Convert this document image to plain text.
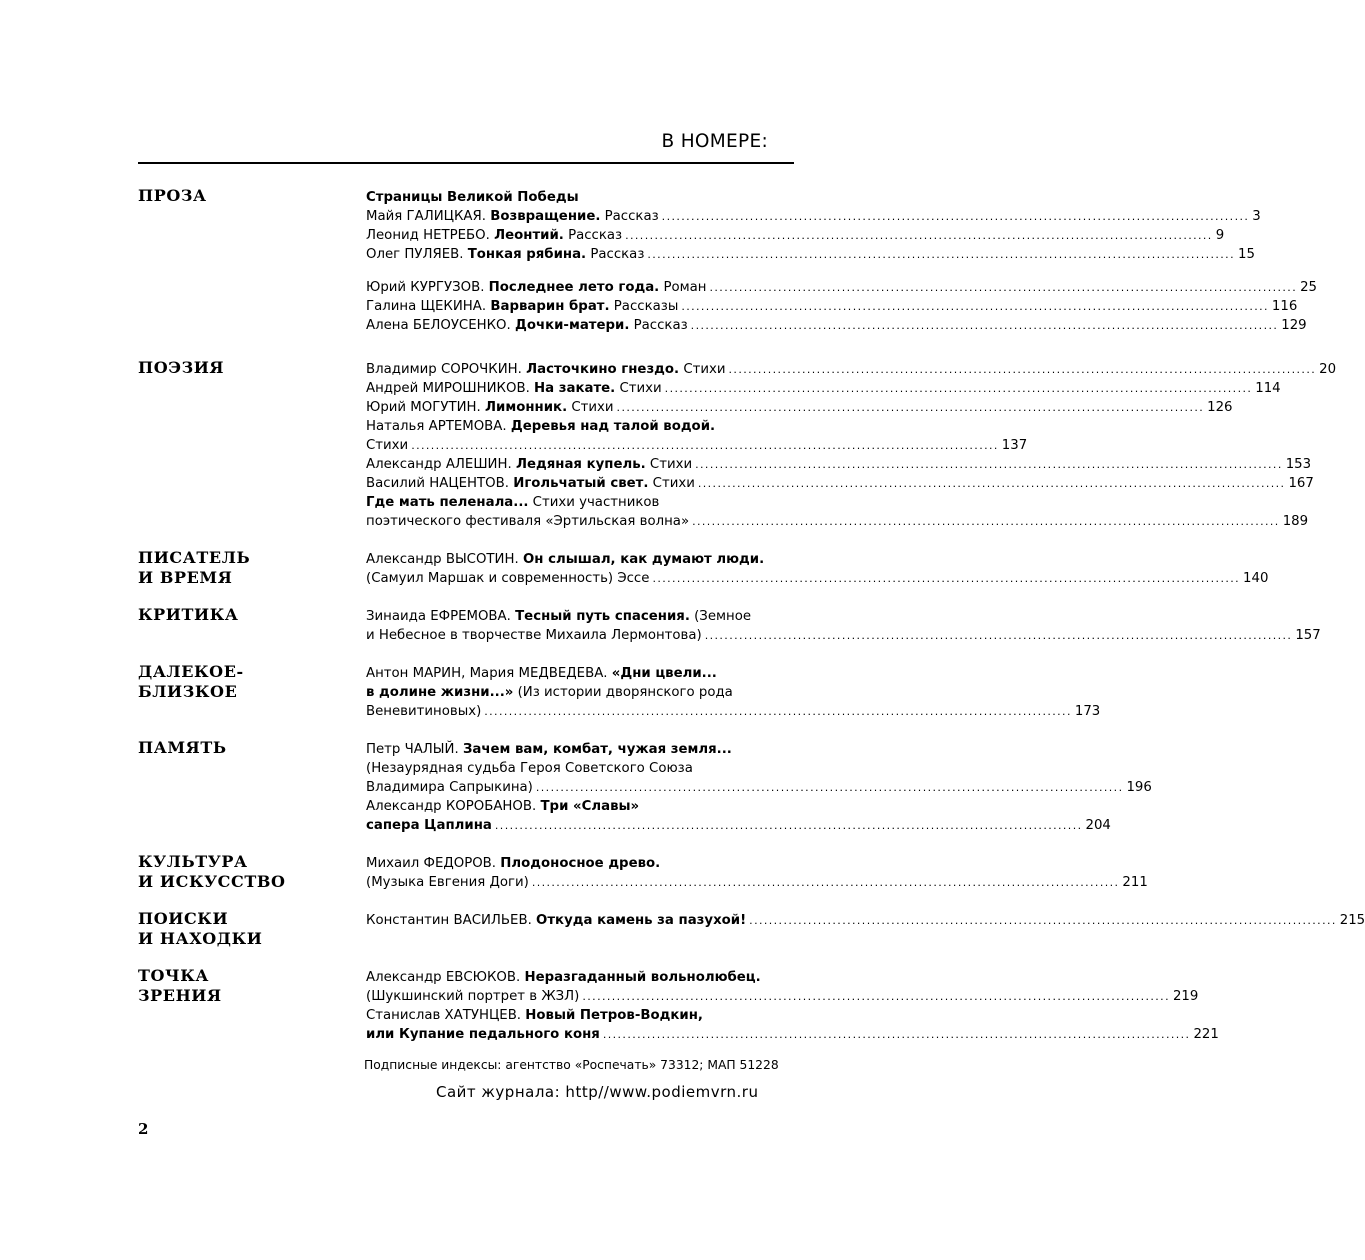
В НОМЕРЕ:
ПРОЗА	Страницы Великой Победы
Майя ГАЛИЦКАЯ. Возвращение. Рассказ .....	3
Леонид НЕТРЕБО. Леонтий. Рассказ .....	9
Олег ПУЛЯЕВ. Тонкая рябина. Рассказ .....	15
Юрий КУРГУЗОВ. Последнее лето года. Роман .....	25
Галина ЩЕКИНА. Варварин брат. Рассказы .....	116
Алена БЕЛОУСЕНКО. Дочки-матери. Рассказ .....	129
ПОЭЗИЯ	Владимир СОРОЧКИН. Ласточкино гнездо. Стихи .....	20
Андрей МИРОШНИКОВ. На закате. Стихи .....	114
Юрий МОГУТИН. Лимонник. Стихи .....	126
Наталья АРТЕМОВА. Деревья над талой водой.
Стихи .....	137
Александр АЛЕШИН. Ледяная купель. Стихи .....	153
Василий НАЦЕНТОВ. Игольчатый свет. Стихи .....	167
Где мать пеленала... Стихи участников
поэтического фестиваля «Эртильская волна» .....	189
ПИСАТЕЛЬ
И ВРЕМЯ
Александр ВЫСОТИН. Он слышал, как думают люди.
(Самуил Маршак и современность) Эссе .....	140
КРИТИКА	Зинаида ЕФРЕМОВА. Тесный путь спасения. (Земное
и Небесное в творчестве Михаила Лермонтова) .....	157
ДАЛЕКОЕ-
БЛИЗКОЕ
Антон МАРИН, Мария МЕДВЕДЕВА. «Дни цвели...
в долине жизни...» (Из истории дворянского рода
Веневитиновых) .....	173
ПАМЯТЬ	Петр ЧАЛЫЙ. Зачем вам, комбат, чужая земля...
(Незаурядная судьба Героя Советского Союза
Владимира Сапрыкина) .....	196
Александр КОРОБАНОВ. Три «Славы»
сапера Цаплина .....	204
КУЛЬТУРА
И ИСКУССТВО
Михаил ФЕДОРОВ. Плодоносное древо.
(Музыка Евгения Доги) .....	211
ПОИСКИ
И НАХОДКИ
Константин ВАСИЛЬЕВ. Откуда камень за пазухой! .....	215
ТОЧКА
ЗРЕНИЯ
Александр ЕВСЮКОВ. Неразгаданный вольнолюбец.
(Шукшинский портрет в ЖЗЛ) .....	219
Станислав ХАТУНЦЕВ. Новый Петров-Водкин,
или Купание педального коня .....	221
Подписные индексы: агентство «Роспечать» 73312; МАП 51228
Сайт журнала: http//www.podiemvrn.ru
2
